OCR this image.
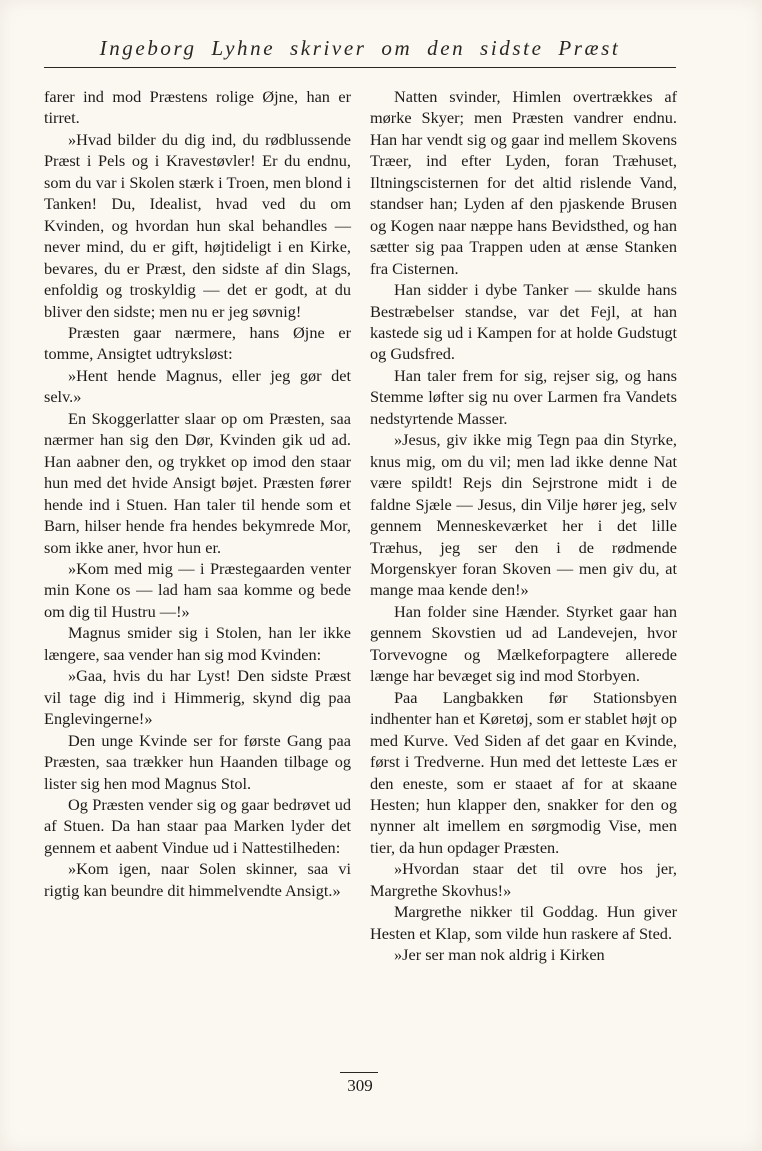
Ingeborg Lyhne skriver om den sidste Præst

farer ind mod Præstens rolige Øjne, han er tirret.

»Hvad bilder du dig ind, du rødblussende Præst i Pels og i Kravestøvler! Er du endnu, som du var i Skolen stærk i Troen, men blond i Tanken! Du, Idealist, hvad ved du om Kvinden, og hvordan hun skal behandles — never mind, du er gift, højtideligt i en Kirke, bevares, du er Præst, den sidste af din Slags, enfoldig og troskyldig — det er godt, at du bliver den sidste; men nu er jeg søvnig!

Præsten gaar nærmere, hans Øjne er tomme, Ansigtet udtryksløst:

»Hent hende Magnus, eller jeg gør det selv.»

En Skoggerlatter slaar op om Præsten, saa nærmer han sig den Dør, Kvinden gik ud ad. Han aabner den, og trykket op imod den staar hun med det hvide Ansigt bøjet. Præsten fører hende ind i Stuen. Han taler til hende som et Barn, hilser hende fra hendes bekymrede Mor, som ikke aner, hvor hun er.

»Kom med mig — i Præstegaarden venter min Kone os — lad ham saa komme og bede om dig til Hustru —!»

Magnus smider sig i Stolen, han ler ikke længere, saa vender han sig mod Kvinden:

»Gaa, hvis du har Lyst! Den sidste Præst vil tage dig ind i Himmerig, skynd dig paa Englevingerne!»

Den unge Kvinde ser for første Gang paa Præsten, saa trækker hun Haanden tilbage og lister sig hen mod Magnus Stol.

Og Præsten vender sig og gaar bedrøvet ud af Stuen. Da han staar paa Marken lyder det gennem et aabent Vindue ud i Nattestilheden:

»Kom igen, naar Solen skinner, saa vi rigtig kan beundre dit himmelvendte Ansigt.»

Natten svinder, Himlen overtrækkes af mørke Skyer; men Præsten vandrer endnu. Han har vendt sig og gaar ind mellem Skovens Træer, ind efter Lyden, foran Træhuset, Iltningscisternen for det altid rislende Vand, standser han; Lyden af den pjaskende Brusen og Kogen naar næppe hans Bevidsthed, og han sætter sig paa Trappen uden at ænse Stanken fra Cisternen.

Han sidder i dybe Tanker — skulde hans Bestræbelser standse, var det Fejl, at han kastede sig ud i Kampen for at holde Gudstugt og Gudsfred.

Han taler frem for sig, rejser sig, og hans Stemme løfter sig nu over Larmen fra Vandets nedstyrtende Masser.

»Jesus, giv ikke mig Tegn paa din Styrke, knus mig, om du vil; men lad ikke denne Nat være spildt! Rejs din Sejrstrone midt i de faldne Sjæle — Jesus, din Vilje hører jeg, selv gennem Menneskeværket her i det lille Træhus, jeg ser den i de rødmende Morgenskyer foran Skoven — men giv du, at mange maa kende den!»

Han folder sine Hænder. Styrket gaar han gennem Skovstien ud ad Landevejen, hvor Torvevogne og Mælkeforpagtere allerede længe har bevæget sig ind mod Storbyen.

Paa Langbakken før Stationsbyen indhenter han et Køretøj, som er stablet højt op med Kurve. Ved Siden af det gaar en Kvinde, først i Tredverne. Hun med det letteste Læs er den eneste, som er staaet af for at skaane Hesten; hun klapper den, snakker for den og nynner alt imellem en sørgmodig Vise, men tier, da hun opdager Præsten.

»Hvordan staar det til ovre hos jer, Margrethe Skovhus!»

Margrethe nikker til Goddag. Hun giver Hesten et Klap, som vilde hun raskere af Sted.

»Jer ser man nok aldrig i Kirken

309
